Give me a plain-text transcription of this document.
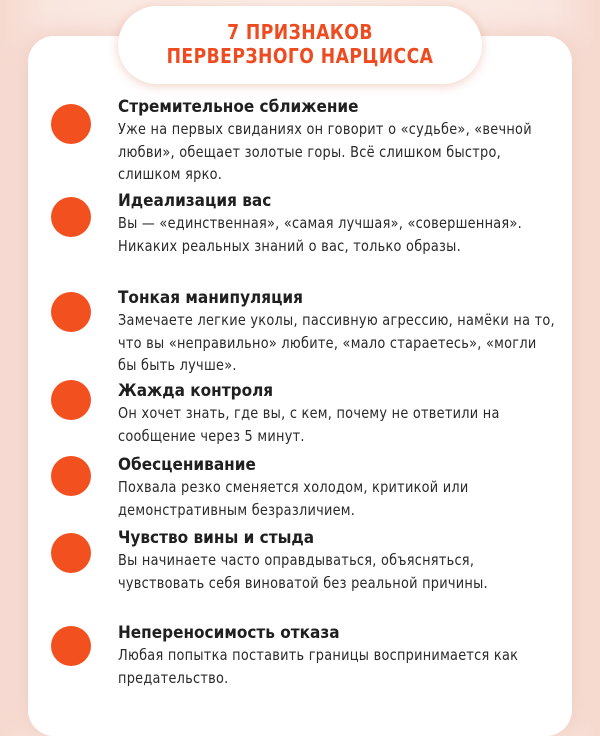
7 ПРИЗНАКОВ
ПЕРВЕРЗНОГО НАРЦИССА
Стремительное сближение
Уже на первых свиданиях он говорит о «судьбе», «вечной любви», обещает золотые горы. Всё слишком быстро, слишком ярко.
Идеализация вас
Вы — «единственная», «самая лучшая», «совершенная». Никаких реальных знаний о вас, только образы.
Тонкая манипуляция
Замечаете легкие уколы, пассивную агрессию, намёки на то, что вы «неправильно» любите, «мало стараетесь», «могли бы быть лучше».
Жажда контроля
Он хочет знать, где вы, с кем, почему не ответили на сообщение через 5 минут.
Обесценивание
Похвала резко сменяется холодом, критикой или демонстративным безразличием.
Чувство вины и стыда
Вы начинаете часто оправдываться, объясняться, чувствовать себя виноватой без реальной причины.
Непереносимость отказа
Любая попытка поставить границы воспринимается как предательство.
